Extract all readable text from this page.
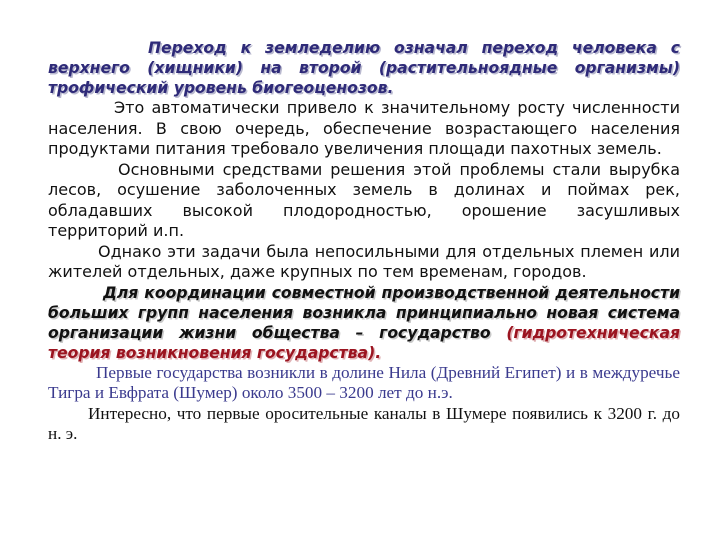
Переход к земледелию означал переход человека с верхнего (хищники) на второй (растительноядные организмы) трофический уровень биогеоценозов.

Это автоматически привело к значительному росту численности населения. В свою очередь, обеспечение возрастающего населения продуктами питания требовало увеличения площади пахотных земель.

Основными средствами решения этой проблемы стали вырубка лесов, осушение заболоченных земель в долинах и поймах рек, обладавших высокой плодородностью, орошение засушливых территорий и.п.

Однако эти задачи была непосильными для отдельных племен или жителей отдельных, даже крупных по тем временам, городов.

Для координации совместной производственной деятельности больших групп населения возникла принципиально новая система организации жизни общества – государство (гидротехническая теория возникновения государства).

Первые государства возникли в долине Нила (Древний Египет) и в междуречье Тигра и Евфрата (Шумер) около 3500 – 3200 лет до н.э.

Интересно, что первые оросительные каналы в Шумере появились к 3200 г. до н. э.
